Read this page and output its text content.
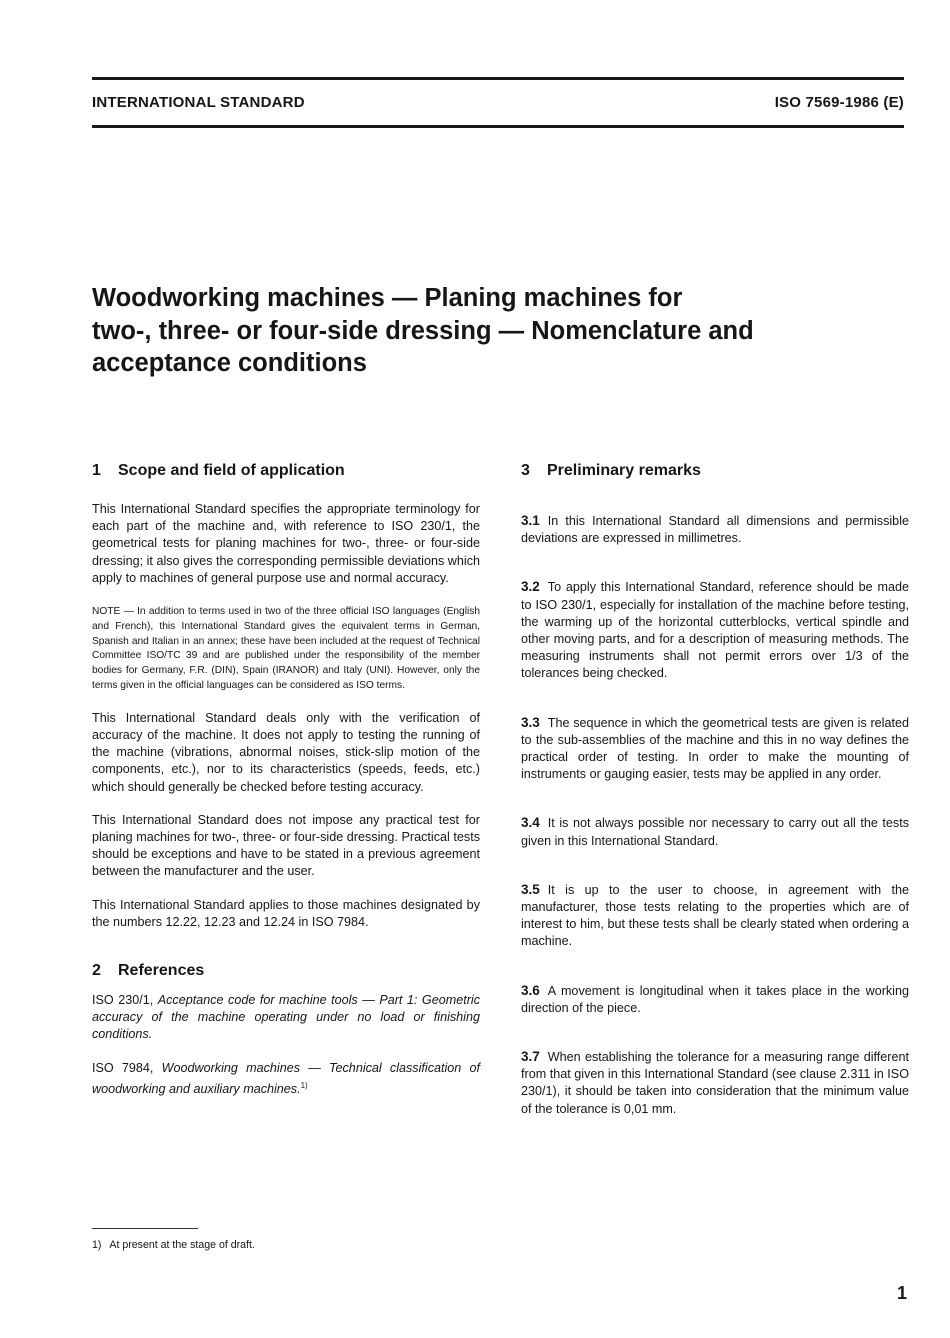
INTERNATIONAL STANDARD	ISO 7569-1986 (E)
Woodworking machines — Planing machines for
two-, three- or four-side dressing — Nomenclature and
acceptance conditions
1 Scope and field of application

This International Standard specifies the appropriate terminology for each part of the machine and, with reference to ISO 230/1, the geometrical tests for planing machines for two-, three- or four-side dressing; it also gives the corresponding permissible deviations which apply to machines of general purpose use and normal accuracy.

NOTE — In addition to terms used in two of the three official ISO languages (English and French), this International Standard gives the equivalent terms in German, Spanish and Italian in an annex; these have been included at the request of Technical Committee ISO/TC 39 and are published under the responsibility of the member bodies for Germany, F.R. (DIN), Spain (IRANOR) and Italy (UNI). However, only the terms given in the official languages can be considered as ISO terms.

This International Standard deals only with the verification of accuracy of the machine. It does not apply to testing the running of the machine (vibrations, abnormal noises, stick-slip motion of the components, etc.), nor to its characteristics (speeds, feeds, etc.) which should generally be checked before testing accuracy.

This International Standard does not impose any practical test for planing machines for two-, three- or four-side dressing. Practical tests should be exceptions and have to be stated in a previous agreement between the manufacturer and the user.

This International Standard applies to those machines designated by the numbers 12.22, 12.23 and 12.24 in ISO 7984.

2 References

ISO 230/1, Acceptance code for machine tools — Part 1: Geometric accuracy of the machine operating under no load or finishing conditions.

ISO 7984, Woodworking machines — Technical classification of woodworking and auxiliary machines.$^{1)}$

3 Preliminary remarks

3.1 In this International Standard all dimensions and permissible deviations are expressed in millimetres.

3.2 To apply this International Standard, reference should be made to ISO 230/1, especially for installation of the machine before testing, the warming up of the horizontal cutterblocks, vertical spindle and other moving parts, and for a description of measuring methods. The measuring instruments shall not permit errors over 1/3 of the tolerances being checked.

3.3 The sequence in which the geometrical tests are given is related to the sub-assemblies of the machine and this in no way defines the practical order of testing. In order to make the mounting of instruments or gauging easier, tests may be applied in any order.

3.4 It is not always possible nor necessary to carry out all the tests given in this International Standard.

3.5 It is up to the user to choose, in agreement with the manufacturer, those tests relating to the properties which are of interest to him, but these tests shall be clearly stated when ordering a machine.

3.6 A movement is longitudinal when it takes place in the working direction of the piece.

3.7 When establishing the tolerance for a measuring range different from that given in this International Standard (see clause 2.311 in ISO 230/1), it should be taken into consideration that the minimum value of the tolerance is 0,01 mm.

1) At present at the stage of draft.
1
